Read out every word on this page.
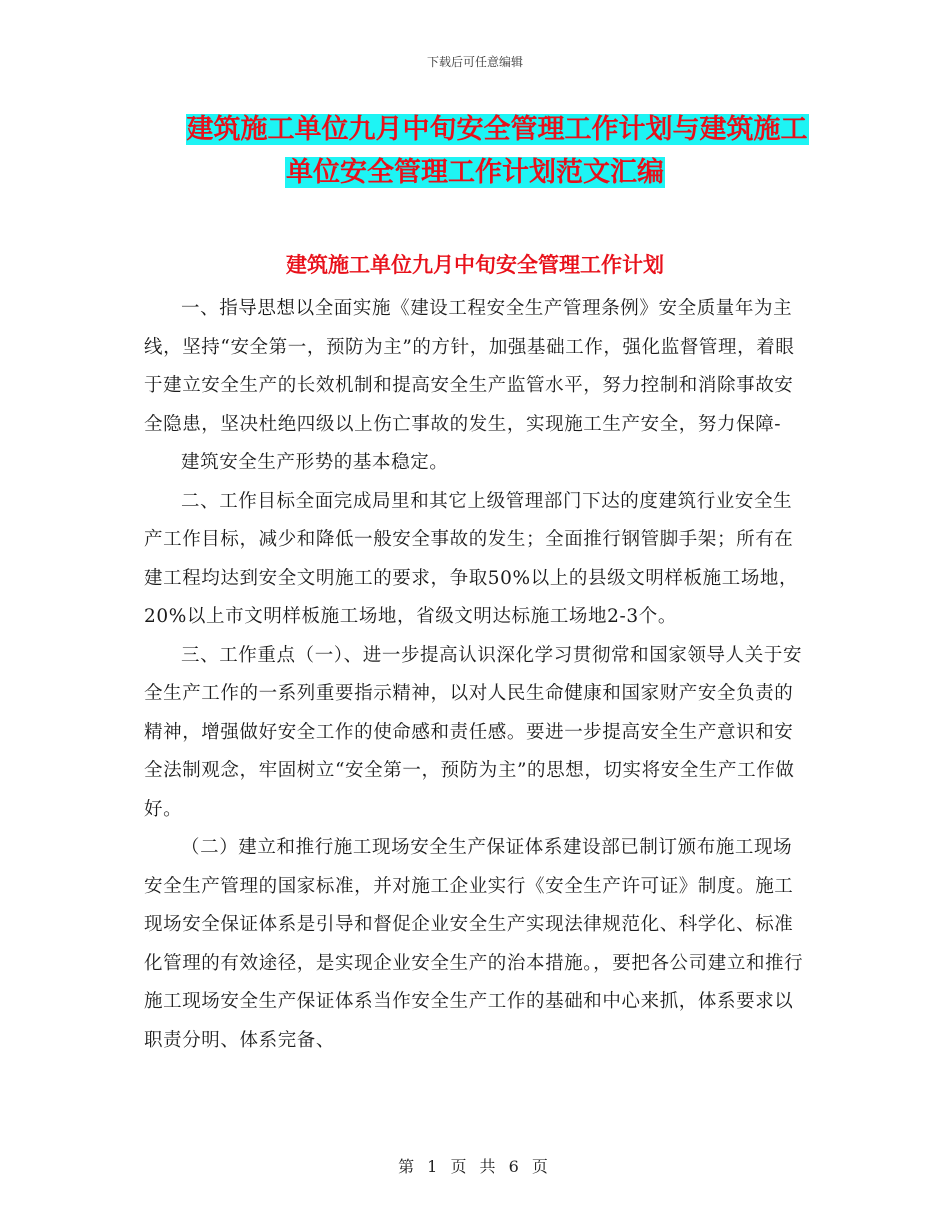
下载后可任意编辑
建筑施工单位九月中旬安全管理工作计划与建筑施工
单位安全管理工作计划范文汇编
建筑施工单位九月中旬安全管理工作计划

一、指导思想以全面实施《建设工程安全生产管理条例》安全质量年为主线，坚持“安全第一，预防为主”的方针，加强基础工作，强化监督管理，着眼于建立安全生产的长效机制和提高安全生产监管水平，努力控制和消除事故安全隐患，坚决杜绝四级以上伤亡事故的发生，实现施工生产安全，努力保障-

建筑安全生产形势的基本稳定。

二、工作目标全面完成局里和其它上级管理部门下达的度建筑行业安全生产工作目标，减少和降低一般安全事故的发生；全面推行钢管脚手架；所有在建工程均达到安全文明施工的要求，争取50%以上的县级文明样板施工场地，20%以上市文明样板施工场地，省级文明达标施工场地2-3个。

三、工作重点（一）、进一步提高认识深化学习贯彻常和国家领导人关于安全生产工作的一系列重要指示精神，以对人民生命健康和国家财产安全负责的精神，增强做好安全工作的使命感和责任感。要进一步提高安全生产意识和安全法制观念，牢固树立“安全第一，预防为主”的思想，切实将安全生产工作做好。

（二）建立和推行施工现场安全生产保证体系建设部已制订颁布施工现场安全生产管理的国家标准，并对施工企业实行《安全生产许可证》制度。施工现场安全保证体系是引导和督促企业安全生产实现法律规范化、科学化、标准化管理的有效途径，是实现企业安全生产的治本措施。，要把各公司建立和推行施工现场安全生产保证体系当作安全生产工作的基础和中心来抓，体系要求以职责分明、体系完备、

第 1 页 共 6 页
